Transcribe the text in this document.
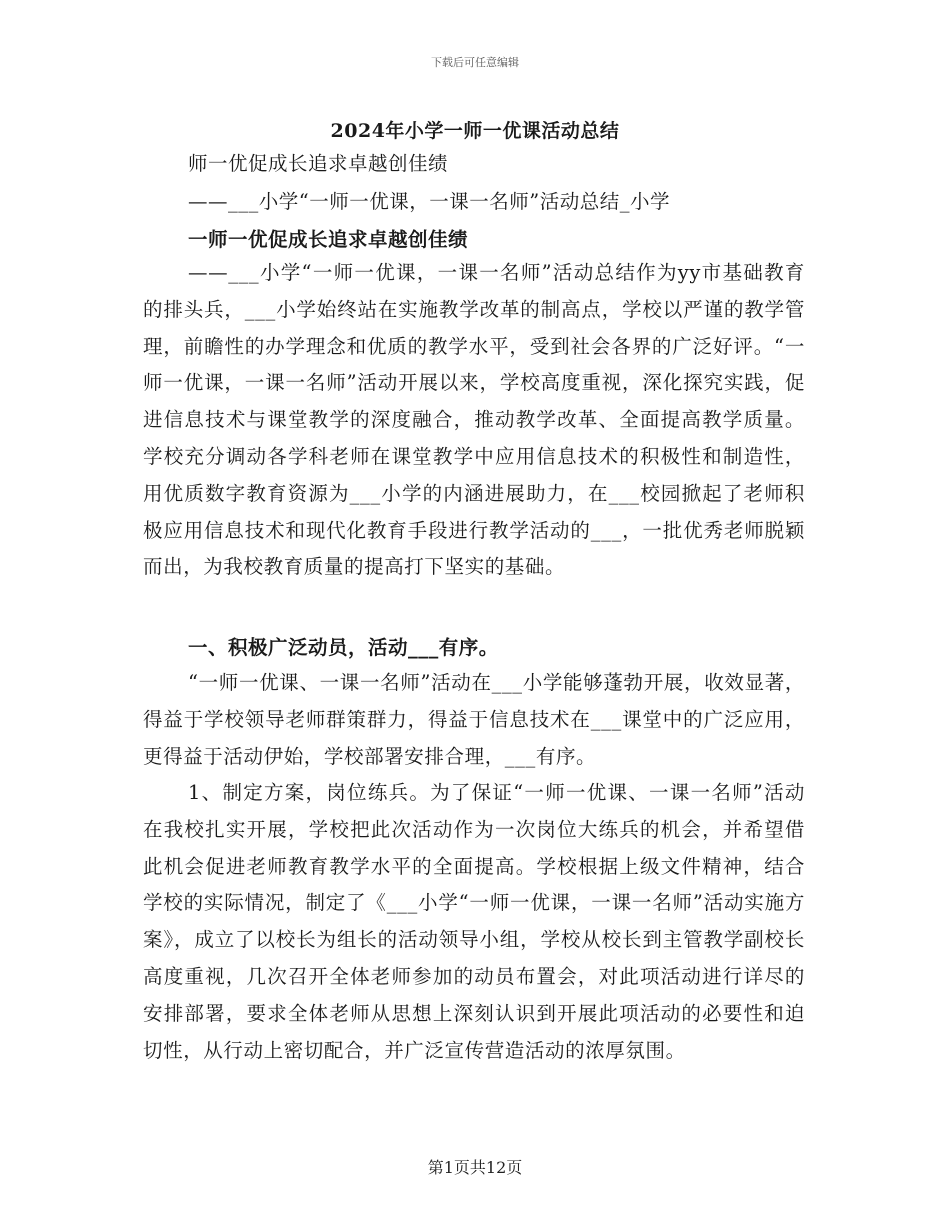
下载后可任意编辑
2024年小学一师一优课活动总结
师一优促成长追求卓越创佳绩
——___小学“一师一优课，一课一名师”活动总结_小学
一师一优促成长追求卓越创佳绩

——___小学“一师一优课，一课一名师”活动总结作为yy市基础教育的排头兵，___小学始终站在实施教学改革的制高点，学校以严谨的教学管理，前瞻性的办学理念和优质的教学水平，受到社会各界的广泛好评。“一师一优课，一课一名师”活动开展以来，学校高度重视，深化探究实践，促进信息技术与课堂教学的深度融合，推动教学改革、全面提高教学质量。学校充分调动各学科老师在课堂教学中应用信息技术的积极性和制造性，用优质数字教育资源为___小学的内涵进展助力，在___校园掀起了老师积极应用信息技术和现代化教育手段进行教学活动的___，一批优秀老师脱颖而出，为我校教育质量的提高打下坚实的基础。

一、积极广泛动员，活动___有序。

“一师一优课、一课一名师”活动在___小学能够蓬勃开展，收效显著，得益于学校领导老师群策群力，得益于信息技术在___课堂中的广泛应用，更得益于活动伊始，学校部署安排合理，___有序。

1、制定方案，岗位练兵。为了保证“一师一优课、一课一名师”活动在我校扎实开展，学校把此次活动作为一次岗位大练兵的机会，并希望借此机会促进老师教育教学水平的全面提高。学校根据上级文件精神，结合学校的实际情况，制定了《___小学“一师一优课，一课一名师”活动实施方案》，成立了以校长为组长的活动领导小组，学校从校长到主管教学副校长高度重视，几次召开全体老师参加的动员布置会，对此项活动进行详尽的安排部署，要求全体老师从思想上深刻认识到开展此项活动的必要性和迫切性，从行动上密切配合，并广泛宣传营造活动的浓厚氛围。

第1页共12页
